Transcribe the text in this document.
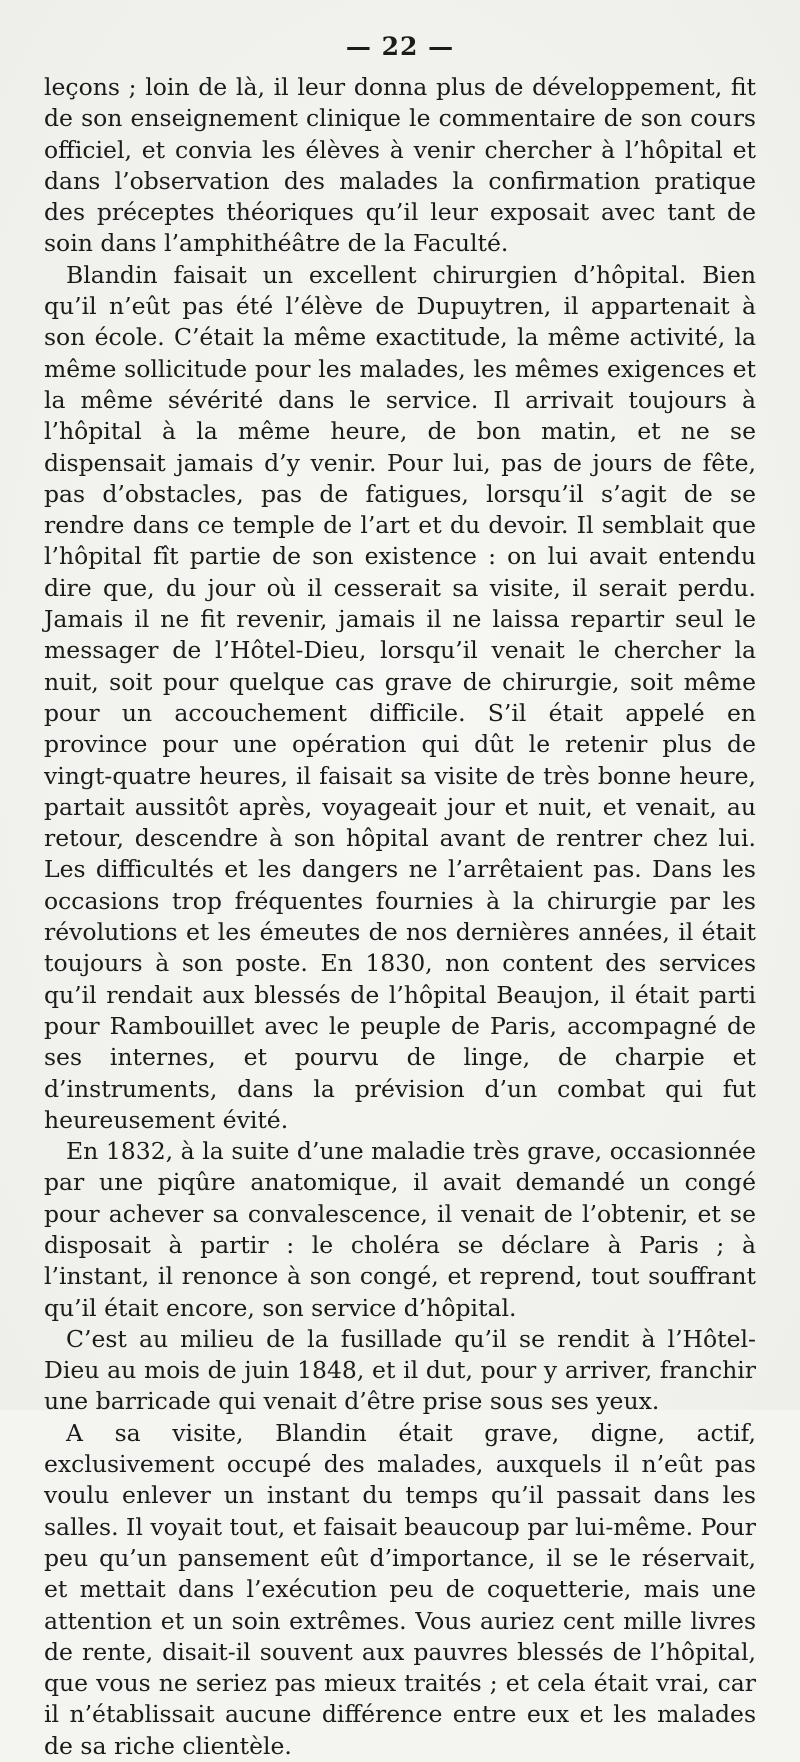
— 22 —

leçons ; loin de là, il leur donna plus de développement, fit de son enseignement clinique le commentaire de son cours officiel, et convia les élèves à venir chercher à l’hôpital et dans l’observation des malades la confirmation pratique des préceptes théoriques qu’il leur exposait avec tant de soin dans l’amphithéâtre de la Faculté.

Blandin faisait un excellent chirurgien d’hôpital. Bien qu’il n’eût pas été l’élève de Dupuytren, il appartenait à son école. C’était la même exactitude, la même activité, la même sollicitude pour les malades, les mêmes exigences et la même sévérité dans le service. Il arrivait toujours à l’hôpital à la même heure, de bon matin, et ne se dispensait jamais d’y venir. Pour lui, pas de jours de fête, pas d’obstacles, pas de fatigues, lorsqu’il s’agit de se rendre dans ce temple de l’art et du devoir. Il semblait que l’hôpital fît partie de son existence : on lui avait entendu dire que, du jour où il cesserait sa visite, il serait perdu. Jamais il ne fit revenir, jamais il ne laissa repartir seul le messager de l’Hôtel-Dieu, lorsqu’il venait le chercher la nuit, soit pour quelque cas grave de chirurgie, soit même pour un accouchement difficile. S’il était appelé en province pour une opération qui dût le retenir plus de vingt-quatre heures, il faisait sa visite de très bonne heure, partait aussitôt après, voyageait jour et nuit, et venait, au retour, descendre à son hôpital avant de rentrer chez lui. Les difficultés et les dangers ne l’arrêtaient pas. Dans les occasions trop fréquentes fournies à la chirurgie par les révolutions et les émeutes de nos dernières années, il était toujours à son poste. En 1830, non content des services qu’il rendait aux blessés de l’hôpital Beaujon, il était parti pour Rambouillet avec le peuple de Paris, accompagné de ses internes, et pourvu de linge, de charpie et d’instruments, dans la prévision d’un combat qui fut heureusement évité.

En 1832, à la suite d’une maladie très grave, occasionnée par une piqûre anatomique, il avait demandé un congé pour achever sa convalescence, il venait de l’obtenir, et se disposait à partir : le choléra se déclare à Paris ; à l’instant, il renonce à son congé, et reprend, tout souffrant qu’il était encore, son service d’hôpital.

C’est au milieu de la fusillade qu’il se rendit à l’Hôtel-Dieu au mois de juin 1848, et il dut, pour y arriver, franchir une barricade qui venait d’être prise sous ses yeux.

A sa visite, Blandin était grave, digne, actif, exclusivement occupé des malades, auxquels il n’eût pas voulu enlever un instant du temps qu’il passait dans les salles. Il voyait tout, et faisait beaucoup par lui-même. Pour peu qu’un pansement eût d’importance, il se le réservait, et mettait dans l’exécution peu de coquetterie, mais une attention et un soin extrêmes. Vous auriez cent mille livres de rente, disait-il souvent aux pauvres blessés de l’hôpital, que vous ne seriez pas mieux traités ; et cela était vrai, car il n’établissait aucune différence entre eux et les malades de sa riche clientèle.
